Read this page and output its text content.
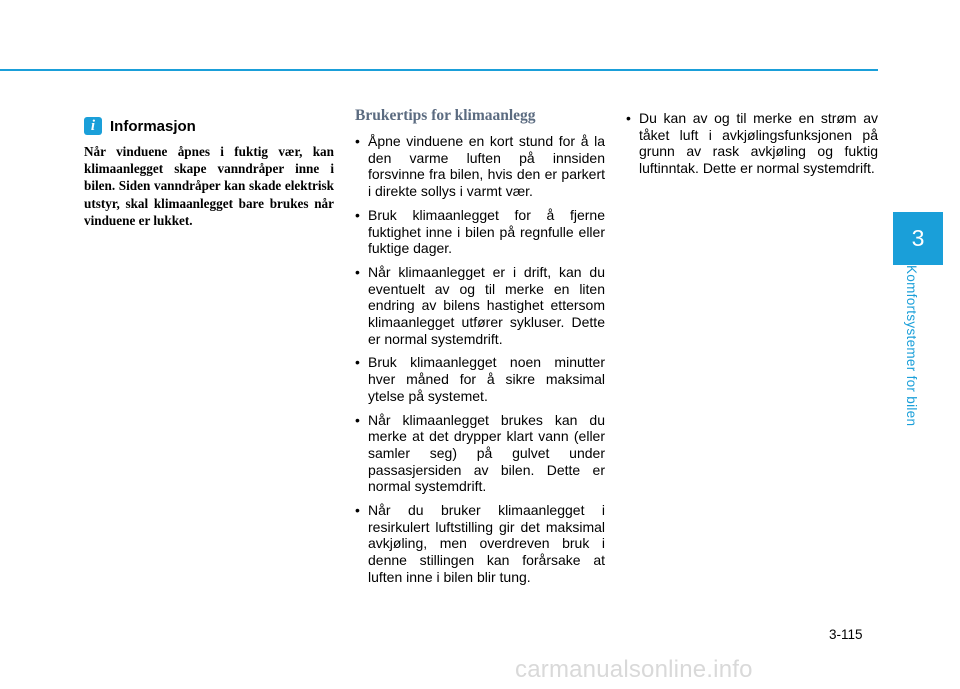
i Informasjon
Når vinduene åpnes i fuktig vær, kan klimaanlegget skape vanndråper inne i bilen. Siden vanndråper kan skade elektrisk utstyr, skal klimaanlegget bare brukes når vinduene er lukket.
Brukertips for klimaanlegg
• Åpne vinduene en kort stund for å la den varme luften på innsiden forsvinne fra bilen, hvis den er parkert i direkte sollys i varmt vær.
• Bruk klimaanlegget for å fjerne fuktighet inne i bilen på regnfulle eller fuktige dager.
• Når klimaanlegget er i drift, kan du eventuelt av og til merke en liten endring av bilens hastighet ettersom klimaanlegget utfører sykluser. Dette er normal systemdrift.
• Bruk klimaanlegget noen minutter hver måned for å sikre maksimal ytelse på systemet.
• Når klimaanlegget brukes kan du merke at det drypper klart vann (eller samler seg) på gulvet under passasjersiden av bilen. Dette er normal systemdrift.
• Når du bruker klimaanlegget i resirkulert luftstilling gir det maksimal avkjøling, men overdreven bruk i denne stillingen kan forårsake at luften inne i bilen blir tung.
• Du kan av og til merke en strøm av tåket luft i avkjølingsfunksjonen på grunn av rask avkjøling og fuktig luftinntak. Dette er normal systemdrift.
3
Komfortsystemer for bilen
3-115
carmanualsonline.info
